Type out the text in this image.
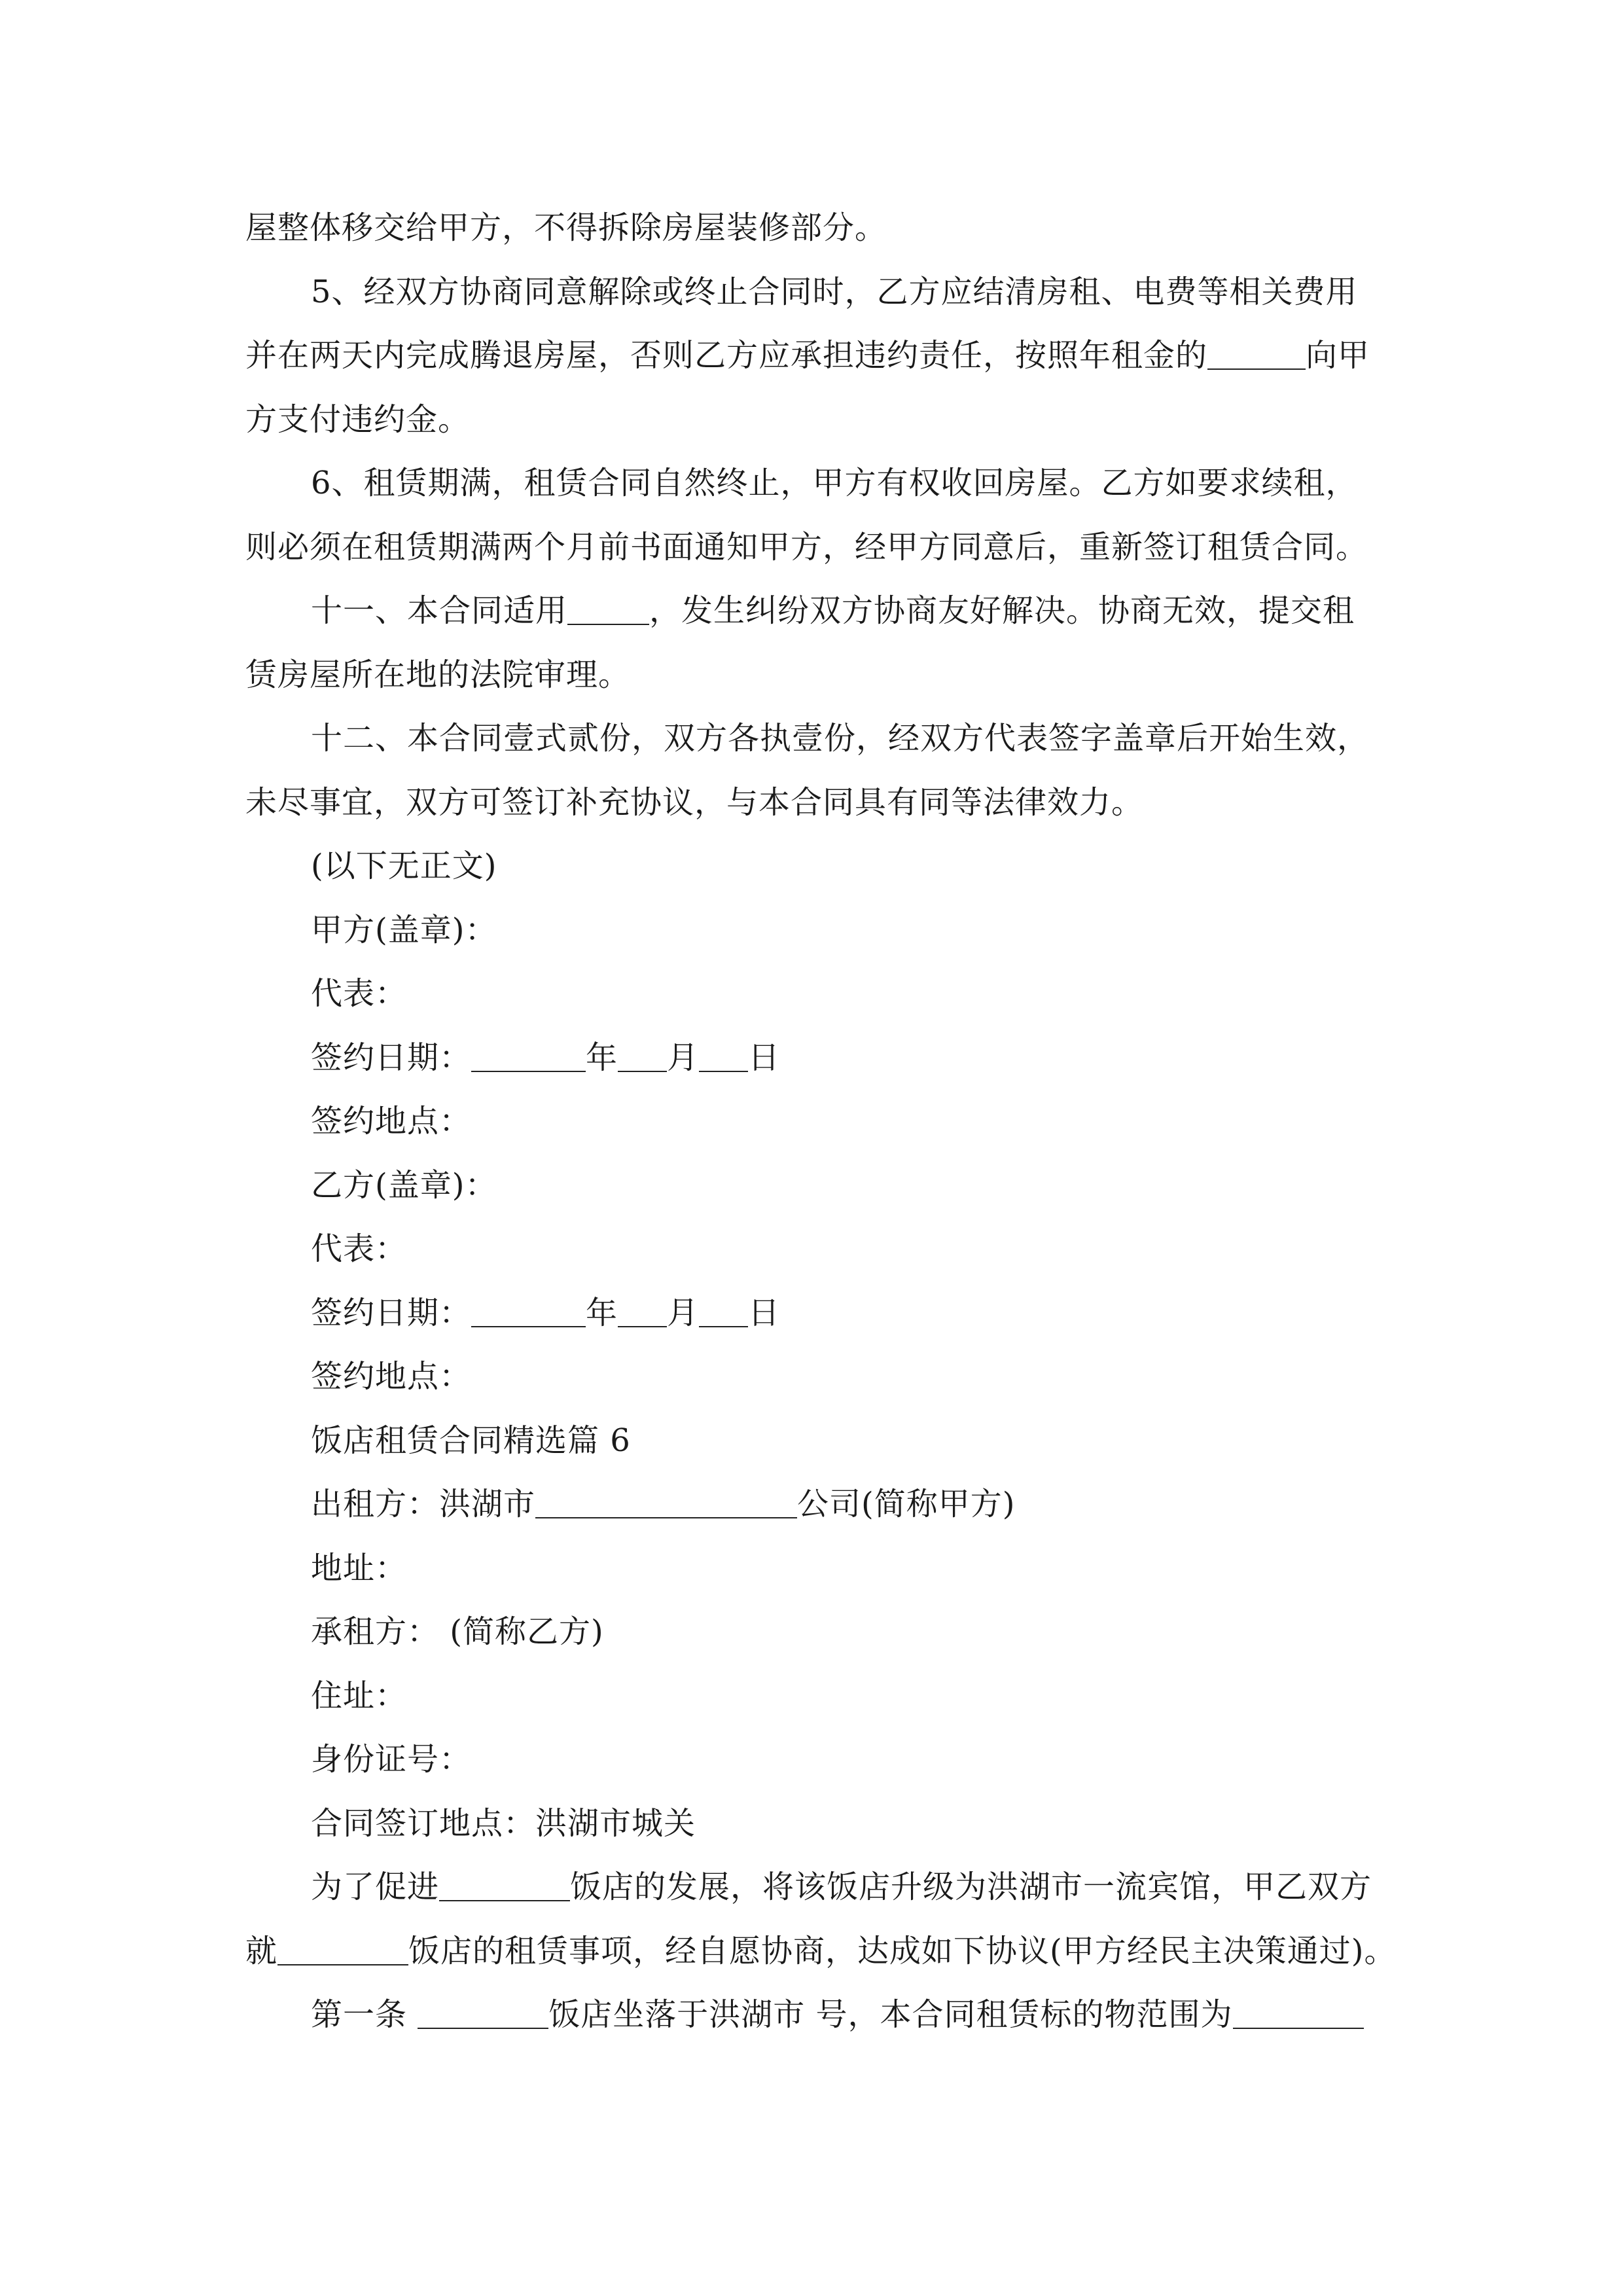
屋整体移交给甲方，不得拆除房屋装修部分。
5、经双方协商同意解除或终止合同时，乙方应结清房租、电费等相关费用
并在两天内完成腾退房屋，否则乙方应承担违约责任，按照年租金的	向甲
方支付违约金。
6、租赁期满，租赁合同自然终止，甲方有权收回房屋。乙方如要求续租，
则必须在租赁期满两个月前书面通知甲方，经甲方同意后，重新签订租赁合同。
十一、本合同适用	，发生纠纷双方协商友好解决。协商无效，提交租
赁房屋所在地的法院审理。
十二、本合同壹式贰份，双方各执壹份，经双方代表签字盖章后开始生效，
未尽事宜，双方可签订补充协议，与本合同具有同等法律效力。
(以下无正文)
甲方(盖章)：
代表：
签约日期：	年 月 日
签约地点：
乙方(盖章)：
代表：
签约日期：	年 月 日
签约地点：
饭店租赁合同精选篇 6
出租方：洪湖市	公司(简称甲方)
地址：
承租方： (简称乙方)
住址：
身份证号：
合同签订地点：洪湖市城关
为了促进	饭店的发展，将该饭店升级为洪湖市一流宾馆，甲乙双方
就	饭店的租赁事项，经自愿协商，达成如下协议(甲方经民主决策通过)。
第一条	饭店坐落于洪湖市 号，本合同租赁标的物范围为
